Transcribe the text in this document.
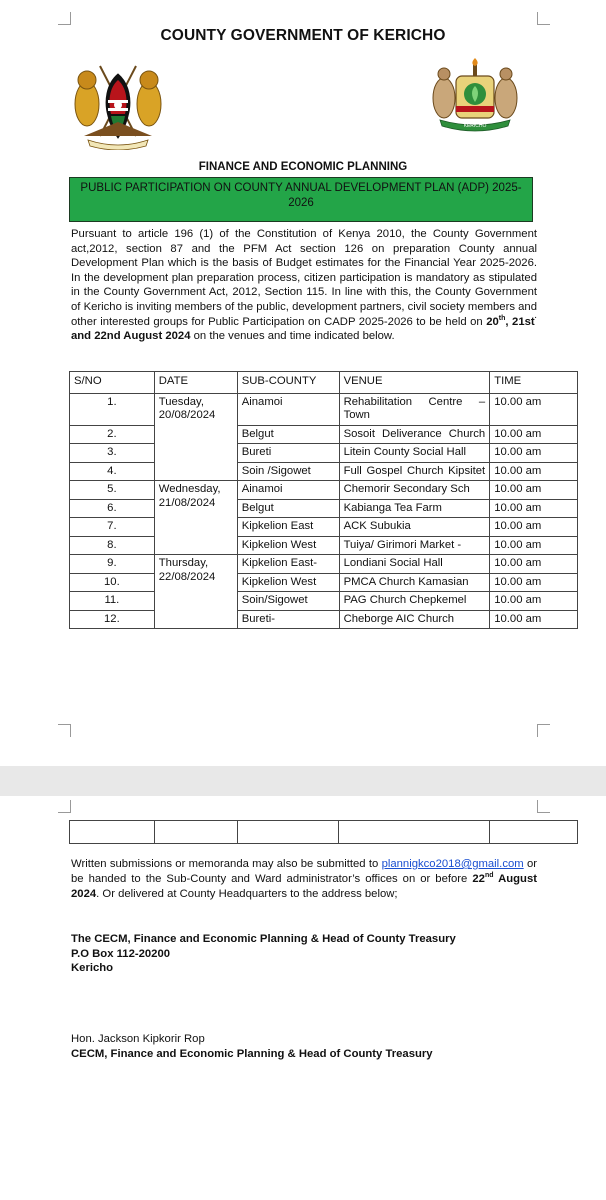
COUNTY GOVERNMENT OF KERICHO
KERICHO
FINANCE AND ECONOMIC PLANNING
PUBLIC PARTICIPATION ON COUNTY ANNUAL DEVELOPMENT PLAN (ADP) 2025-2026

Pursuant to article 196 (1) of the Constitution of Kenya 2010, the County Government act,2012, section 87 and the PFM Act section 126 on preparation County annual Development Plan which is the basis of Budget estimates for the Financial Year 2025-2026. In the development plan preparation process, citizen participation is mandatory as stipulated in the County Government Act, 2012, Section 115. In line with this, the County Government of Kericho is inviting members of the public, development partners, civil society members and other interested groups for Public Participation on CADP 2025-2026 to be held on 20th, 21st· and 22nd August 2024 on the venues and time indicated below.

S/NO	DATE	SUB-COUNTY	VENUE	TIME
1.	Tuesday, 20/08/2024	Ainamoi	Rehabilitation Centre – Town	10.00 am
2.		Belgut	Sosoit Deliverance Church	10.00 am
3.		Bureti	Litein County Social Hall	10.00 am
4.		Soin /Sigowet	Full Gospel Church Kipsitet	10.00 am
5.	Wednesday, 21/08/2024	Ainamoi	Chemorir Secondary Sch	10.00 am
6.		Belgut	Kabianga Tea Farm	10.00 am
7.		Kipkelion East	ACK Subukia	10.00 am
8.		Kipkelion West	Tuiya/ Girimori Market -	10.00 am
9.	Thursday, 22/08/2024	Kipkelion East-	Londiani Social Hall	10.00 am
10.		Kipkelion West	PMCA Church Kamasian	10.00 am
11.		Soin/Sigowet	PAG Church Chepkemel	10.00 am
12.		Bureti-	Cheborge AIC Church	10.00 am

Written submissions or memoranda may also be submitted to plannigkco2018@gmail.com or be handed to the Sub-County and Ward administrator’s offices on or before 22nd August 2024. Or delivered at County Headquarters to the address below;

The CECM, Finance and Economic Planning & Head of County Treasury
P.O Box 112-20200
Kericho
Hon. Jackson Kipkorir Rop
CECM, Finance and Economic Planning & Head of County Treasury
